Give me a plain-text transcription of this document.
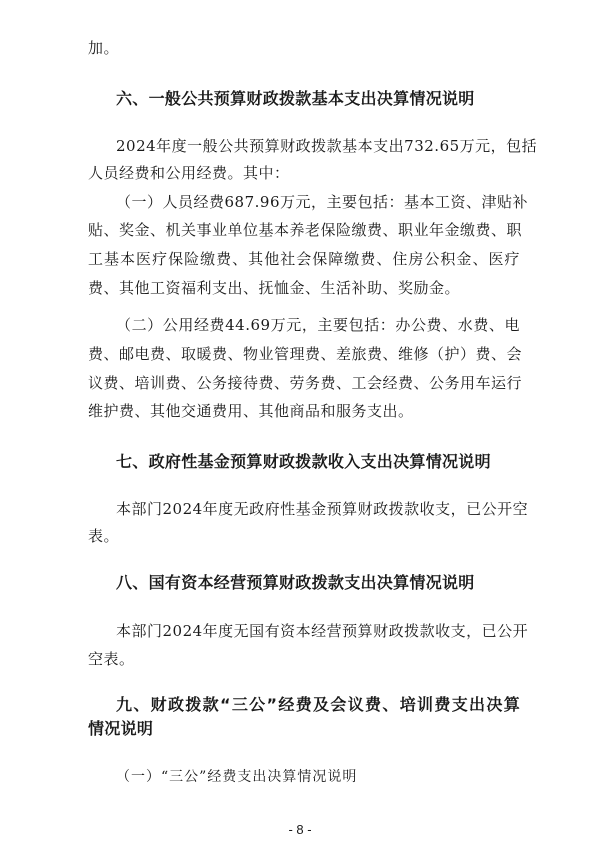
加。
六、一般公共预算财政拨款基本支出决算情况说明
2024年度一般公共预算财政拨款基本支出732.65万元，包括
人员经费和公用经费。其中：
（一）人员经费687.96万元，主要包括：基本工资、津贴补
贴、奖金、机关事业单位基本养老保险缴费、职业年金缴费、职
工基本医疗保险缴费、其他社会保障缴费、住房公积金、医疗
费、其他工资福利支出、抚恤金、生活补助、奖励金。
（二）公用经费44.69万元，主要包括：办公费、水费、电
费、邮电费、取暖费、物业管理费、差旅费、维修（护）费、会
议费、培训费、公务接待费、劳务费、工会经费、公务用车运行
维护费、其他交通费用、其他商品和服务支出。
七、政府性基金预算财政拨款收入支出决算情况说明
本部门2024年度无政府性基金预算财政拨款收支，已公开空
表。
八、国有资本经营预算财政拨款支出决算情况说明
本部门2024年度无国有资本经营预算财政拨款收支，已公开
空表。
九、财政拨款“三公”经费及会议费、培训费支出决算
情况说明
（一）“三公”经费支出决算情况说明
- 8 -
